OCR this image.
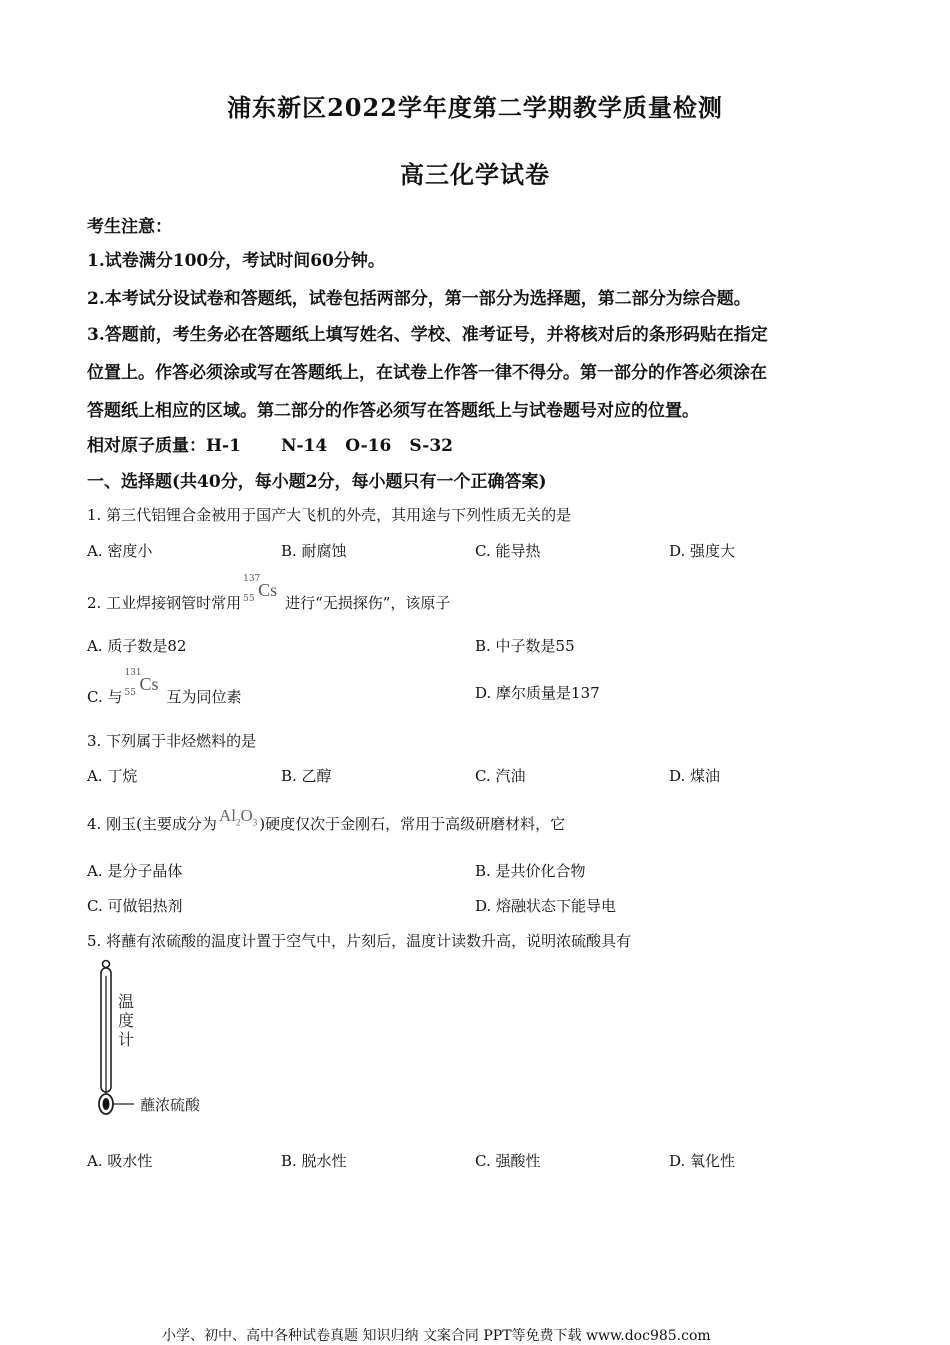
浦东新区2022学年度第二学期教学质量检测
高三化学试卷
考生注意：
1.试卷满分100分，考试时间60分钟。
2.本考试分设试卷和答题纸，试卷包括两部分，第一部分为选择题，第二部分为综合题。
3.答题前，考生务必在答题纸上填写姓名、学校、准考证号，并将核对后的条形码贴在指定
位置上。作答必须涂或写在答题纸上，在试卷上作答一律不得分。第一部分的作答必须涂在
答题纸上相应的区域。第二部分的作答必须写在答题纸上与试卷题号对应的位置。
相对原子质量：H-1 N-14 O-16 S-32
一、选择题(共40分，每小题2分，每小题只有一个正确答案)
1. 第三代铝锂合金被用于国产大飞机的外壳，其用途与下列性质无关的是
A. 密度小	B. 耐腐蚀	C. 能导热	D. 强度大
2. 工业焊接钢管时常用
137
55 Cs
进行“无损探伤”，该原子
A. 质子数是82	B. 中子数是55
C. 与
131
55 Cs
互为同位素	D. 摩尔质量是137
3. 下列属于非烃燃料的是
A. 丁烷	B. 乙醇	C. 汽油	D. 煤油
4. 刚玉(主要成分为 $Al_2O_3$ )硬度仅次于金刚石，常用于高级研磨材料，它
A. 是分子晶体	B. 是共价化合物
C. 可做铝热剂	D. 熔融状态下能导电
5. 将蘸有浓硫酸的温度计置于空气中，片刻后，温度计读数升高，说明浓硫酸具有
温度计
蘸浓硫酸
A. 吸水性	B. 脱水性	C. 强酸性	D. 氧化性
小学、初中、高中各种试卷真题 知识归纳 文案合同 PPT等免费下载 www.doc985.com
